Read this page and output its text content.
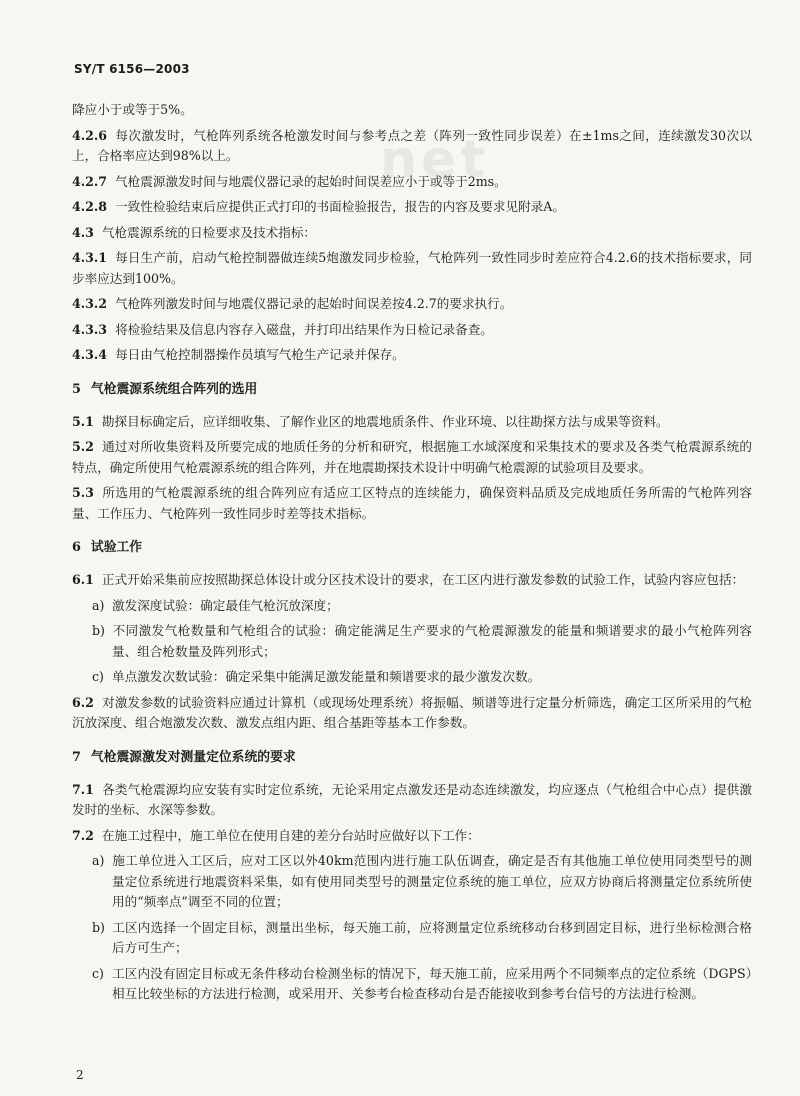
net
SY/T 6156—2003

降应小于或等于5%。

4.2.6 每次激发时，气枪阵列系统各枪激发时间与参考点之差（阵列一致性同步误差）在±1ms之间，连续激发30次以上，合格率应达到98%以上。

4.2.7 气枪震源激发时间与地震仪器记录的起始时间误差应小于或等于2ms。

4.2.8 一致性检验结束后应提供正式打印的书面检验报告，报告的内容及要求见附录A。

4.3 气枪震源系统的日检要求及技术指标：

4.3.1 每日生产前，启动气枪控制器做连续5炮激发同步检验，气枪阵列一致性同步时差应符合4.2.6的技术指标要求，同步率应达到100%。

4.3.2 气枪阵列激发时间与地震仪器记录的起始时间误差按4.2.7的要求执行。

4.3.3 将检验结果及信息内容存入磁盘，并打印出结果作为日检记录备查。

4.3.4 每日由气枪控制器操作员填写气枪生产记录并保存。

5 气枪震源系统组合阵列的选用

5.1 勘探目标确定后，应详细收集、了解作业区的地震地质条件、作业环境、以往勘探方法与成果等资料。

5.2 通过对所收集资料及所要完成的地质任务的分析和研究，根据施工水域深度和采集技术的要求及各类气枪震源系统的特点，确定所使用气枪震源系统的组合阵列，并在地震勘探技术设计中明确气枪震源的试验项目及要求。

5.3 所选用的气枪震源系统的组合阵列应有适应工区特点的连续能力，确保资料品质及完成地质任务所需的气枪阵列容量、工作压力、气枪阵列一致性同步时差等技术指标。

6 试验工作

6.1 正式开始采集前应按照勘探总体设计或分区技术设计的要求，在工区内进行激发参数的试验工作，试验内容应包括：

a) 激发深度试验：确定最佳气枪沉放深度；

b) 不同激发气枪数量和气枪组合的试验：确定能满足生产要求的气枪震源激发的能量和频谱要求的最小气枪阵列容量、组合枪数量及阵列形式；

c) 单点激发次数试验：确定采集中能满足激发能量和频谱要求的最少激发次数。

6.2 对激发参数的试验资料应通过计算机（或现场处理系统）将振幅、频谱等进行定量分析筛选，确定工区所采用的气枪沉放深度、组合炮激发次数、激发点组内距、组合基距等基本工作参数。

7 气枪震源激发对测量定位系统的要求

7.1 各类气枪震源均应安装有实时定位系统，无论采用定点激发还是动态连续激发，均应逐点（气枪组合中心点）提供激发时的坐标、水深等参数。

7.2 在施工过程中，施工单位在使用自建的差分台站时应做好以下工作：

a) 施工单位进入工区后，应对工区以外40km范围内进行施工队伍调查，确定是否有其他施工单位使用同类型号的测量定位系统进行地震资料采集，如有使用同类型号的测量定位系统的施工单位，应双方协商后将测量定位系统所使用的“频率点”调至不同的位置；

b) 工区内选择一个固定目标，测量出坐标，每天施工前，应将测量定位系统移动台移到固定目标，进行坐标检测合格后方可生产；

c) 工区内没有固定目标或无条件移动台检测坐标的情况下，每天施工前，应采用两个不同频率点的定位系统（DGPS）相互比较坐标的方法进行检测，或采用开、关参考台检查移动台是否能接收到参考台信号的方法进行检测。

2
